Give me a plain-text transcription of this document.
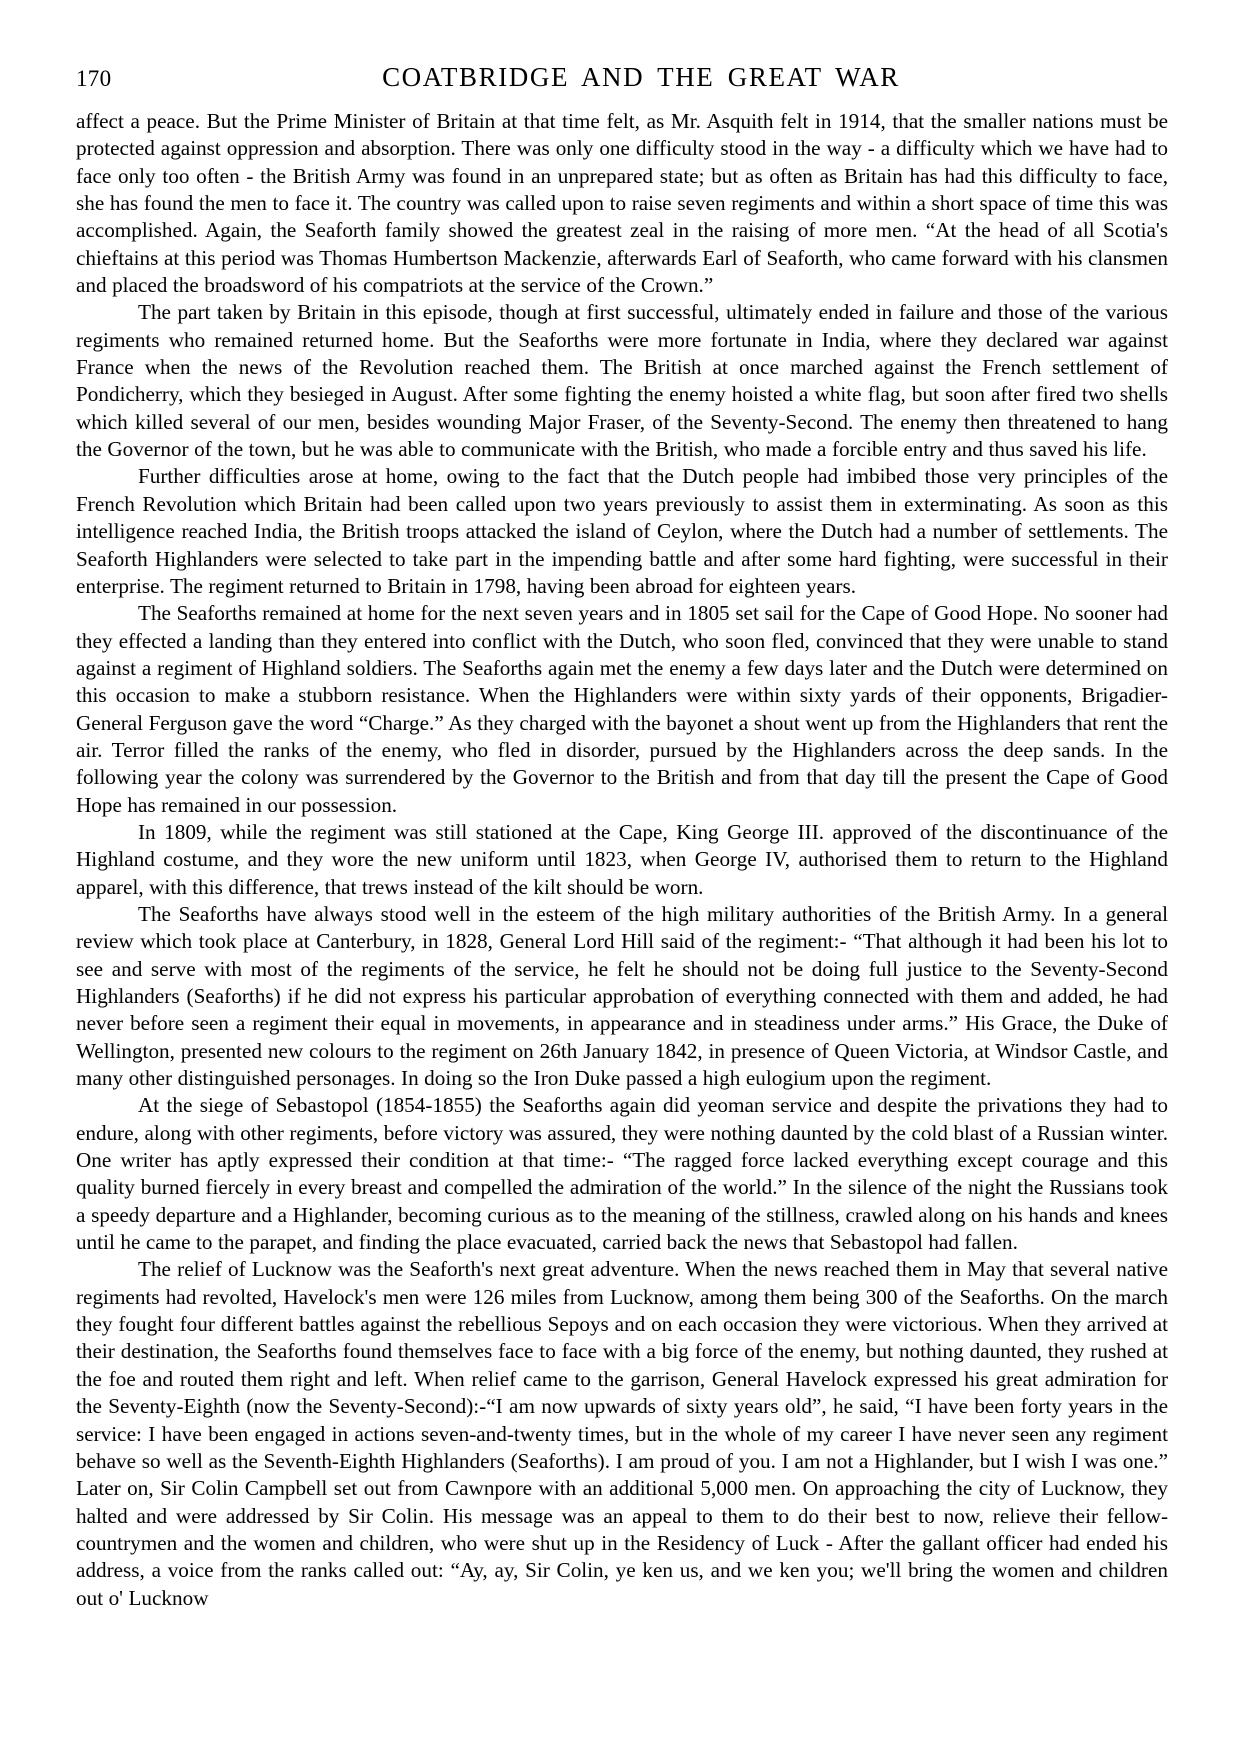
170	COATBRIDGE AND THE GREAT WAR

affect a peace. But the Prime Minister of Britain at that time felt, as Mr. Asquith felt in 1914, that the smaller nations must be protected against oppression and absorption. There was only one difficulty stood in the way - a difficulty which we have had to face only too often - the British Army was found in an unprepared state; but as often as Britain has had this difficulty to face, she has found the men to face it. The country was called upon to raise seven regiments and within a short space of time this was accomplished. Again, the Seaforth family showed the greatest zeal in the raising of more men. “At the head of all Scotia's chieftains at this period was Thomas Humbertson Mackenzie, afterwards Earl of Seaforth, who came forward with his clansmen and placed the broadsword of his compatriots at the service of the Crown.”

The part taken by Britain in this episode, though at first successful, ultimately ended in failure and those of the various regiments who remained returned home. But the Seaforths were more fortunate in India, where they declared war against France when the news of the Revolution reached them. The British at once marched against the French settlement of Pondicherry, which they besieged in August. After some fighting the enemy hoisted a white flag, but soon after fired two shells which killed several of our men, besides wounding Major Fraser, of the Seventy-Second. The enemy then threatened to hang the Governor of the town, but he was able to communicate with the British, who made a forcible entry and thus saved his life.

Further difficulties arose at home, owing to the fact that the Dutch people had imbibed those very principles of the French Revolution which Britain had been called upon two years previously to assist them in exterminating. As soon as this intelligence reached India, the British troops attacked the island of Ceylon, where the Dutch had a number of settlements. The Seaforth Highlanders were selected to take part in the impending battle and after some hard fighting, were successful in their enterprise. The regiment returned to Britain in 1798, having been abroad for eighteen years.

The Seaforths remained at home for the next seven years and in 1805 set sail for the Cape of Good Hope. No sooner had they effected a landing than they entered into conflict with the Dutch, who soon fled, convinced that they were unable to stand against a regiment of Highland soldiers. The Seaforths again met the enemy a few days later and the Dutch were determined on this occasion to make a stubborn resistance. When the Highlanders were within sixty yards of their opponents, Brigadier-General Ferguson gave the word “Charge.” As they charged with the bayonet a shout went up from the Highlanders that rent the air. Terror filled the ranks of the enemy, who fled in disorder, pursued by the Highlanders across the deep sands. In the following year the colony was surrendered by the Governor to the British and from that day till the present the Cape of Good Hope has remained in our possession.

In 1809, while the regiment was still stationed at the Cape, King George III. approved of the discontinuance of the Highland costume, and they wore the new uniform until 1823, when George IV, authorised them to return to the Highland apparel, with this difference, that trews instead of the kilt should be worn.

The Seaforths have always stood well in the esteem of the high military authorities of the British Army. In a general review which took place at Canterbury, in 1828, General Lord Hill said of the regiment:- “That although it had been his lot to see and serve with most of the regiments of the service, he felt he should not be doing full justice to the Seventy-Second Highlanders (Seaforths) if he did not express his particular approbation of everything connected with them and added, he had never before seen a regiment their equal in movements, in appearance and in steadiness under arms.” His Grace, the Duke of Wellington, presented new colours to the regiment on 26th January 1842, in presence of Queen Victoria, at Windsor Castle, and many other distinguished personages. In doing so the Iron Duke passed a high eulogium upon the regiment.

At the siege of Sebastopol (1854-1855) the Seaforths again did yeoman service and despite the privations they had to endure, along with other regiments, before victory was assured, they were nothing daunted by the cold blast of a Russian winter. One writer has aptly expressed their condition at that time:- “The ragged force lacked everything except courage and this quality burned fiercely in every breast and compelled the admiration of the world.” In the silence of the night the Russians took a speedy departure and a Highlander, becoming curious as to the meaning of the stillness, crawled along on his hands and knees until he came to the parapet, and finding the place evacuated, carried back the news that Sebastopol had fallen.

The relief of Lucknow was the Seaforth's next great adventure. When the news reached them in May that several native regiments had revolted, Havelock's men were 126 miles from Lucknow, among them being 300 of the Seaforths. On the march they fought four different battles against the rebellious Sepoys and on each occasion they were victorious. When they arrived at their destination, the Seaforths found themselves face to face with a big force of the enemy, but nothing daunted, they rushed at the foe and routed them right and left. When relief came to the garrison, General Havelock expressed his great admiration for the Seventy-Eighth (now the Seventy-Second):-“I am now upwards of sixty years old”, he said, “I have been forty years in the service: I have been engaged in actions seven-and-twenty times, but in the whole of my career I have never seen any regiment behave so well as the Seventh-Eighth Highlanders (Seaforths). I am proud of you. I am not a Highlander, but I wish I was one.” Later on, Sir Colin Campbell set out from Cawnpore with an additional 5,000 men. On approaching the city of Lucknow, they halted and were addressed by Sir Colin. His message was an appeal to them to do their best to now, relieve their fellow-countrymen and the women and children, who were shut up in the Residency of Luck - After the gallant officer had ended his address, a voice from the ranks called out: “Ay, ay, Sir Colin, ye ken us, and we ken you; we'll bring the women and children out o' Lucknow
